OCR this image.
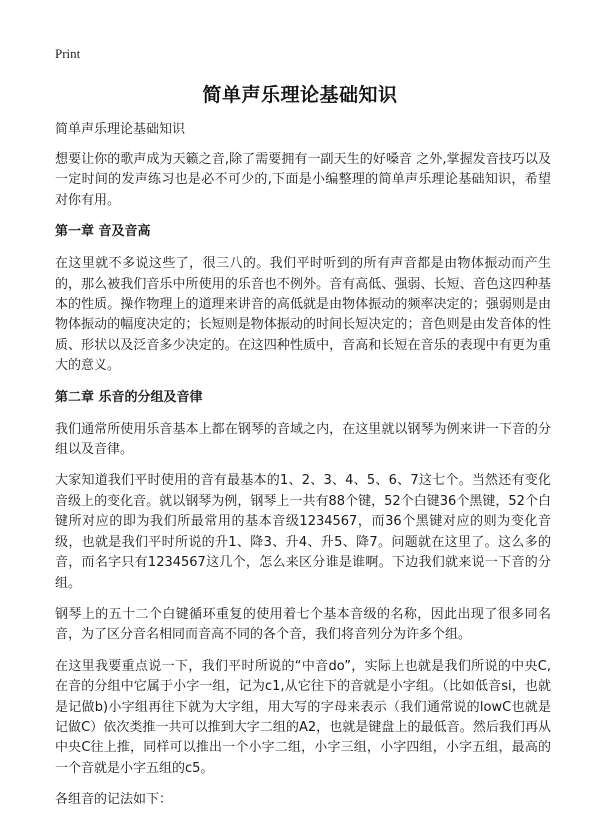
Print
简单声乐理论基础知识
简单声乐理论基础知识

想要让你的歌声成为天籁之音,除了需要拥有一副天生的好嗓音 之外,掌握发音技巧以及一定时间的发声练习也是必不可少的,下面是小编整理的简单声乐理论基础知识，希望对你有用。

第一章 音及音高

在这里就不多说这些了，很三八的。我们平时听到的所有声音都是由物体振动而产生的，那么被我们音乐中所使用的乐音也不例外。音有高低、强弱、长短、音色这四种基本的性质。操作物理上的道理来讲音的高低就是由物体振动的频率决定的；强弱则是由物体振动的幅度决定的；长短则是物体振动的时间长短决定的；音色则是由发音体的性质、形状以及泛音多少决定的。在这四种性质中，音高和长短在音乐的表现中有更为重大的意义。

第二章 乐音的分组及音律

我们通常所使用乐音基本上都在钢琴的音域之内，在这里就以钢琴为例来讲一下音的分组以及音律。

大家知道我们平时使用的音有最基本的1、2、3、4、5、6、7这七个。当然还有变化音级上的变化音。就以钢琴为例，钢琴上一共有88个键，52个白键36个黑键，52个白键所对应的即为我们所最常用的基本音级1234567，而36个黑键对应的则为变化音级，也就是我们平时所说的升1、降3、升4、升5、降7。问题就在这里了。这么多的音，而名字只有1234567这几个，怎么来区分谁是谁啊。下边我们就来说一下音的分组。

钢琴上的五十二个白键循环重复的使用着七个基本音级的名称，因此出现了很多同名音，为了区分音名相同而音高不同的各个音，我们将音列分为许多个组。

在这里我要重点说一下，我们平时所说的“中音do”，实际上也就是我们所说的中央C,在音的分组中它属于小字一组，记为c1,从它往下的音就是小字组。（比如低音si，也就是记做b)小字组再往下就为大字组，用大写的字母来表示（我们通常说的lowC也就是记做C）依次类推一共可以推到大字二组的A2，也就是键盘上的最低音。然后我们再从中央C往上推，同样可以推出一个小字二组，小字三组，小字四组，小字五组，最高的一个音就是小字五组的c5。

各组音的记法如下：
